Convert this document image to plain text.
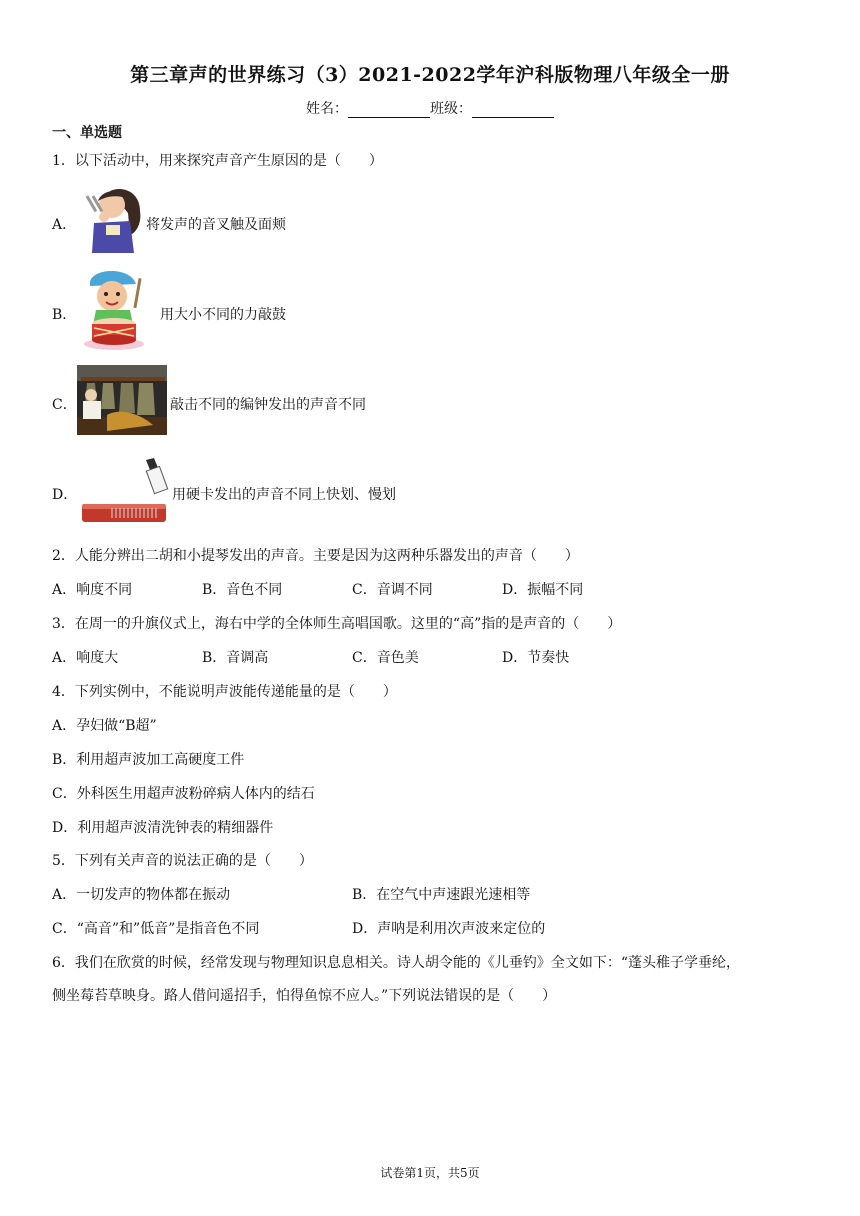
第三章声的世界练习（3）2021-2022学年沪科版物理八年级全一册
姓名：	班级：
一、单选题
1．以下活动中，用来探究声音产生原因的是（　　）
A．	将发声的音叉触及面颊
B．	用大小不同的力敲鼓
C．	敲击不同的编钟发出的声音不同
D．	用硬卡发出的声音不同上快划、慢划
2．人能分辨出二胡和小提琴发出的声音。主要是因为这两种乐器发出的声音（　　）
A．响度不同	B．音色不同	C．音调不同	D．振幅不同
3．在周一的升旗仪式上，海右中学的全体师生高唱国歌。这里的“高”指的是声音的（　　）
A．响度大	B．音调高	C．音色美	D．节奏快
4．下列实例中，不能说明声波能传递能量的是（　　）
A．孕妇做“B超”
B．利用超声波加工高硬度工件
C．外科医生用超声波粉碎病人体内的结石
D．利用超声波清洗钟表的精细器件
5．下列有关声音的说法正确的是（　　）
A．一切发声的物体都在振动	B．在空气中声速跟光速相等
C．“高音”和”低音”是指音色不同	D．声呐是利用次声波来定位的
6．我们在欣赏的时候，经常发现与物理知识息息相关。诗人胡令能的《儿垂钓》全文如下：“蓬头稚子学垂纶，
侧坐莓苔草映身。路人借问遥招手，怕得鱼惊不应人。”下列说法错误的是（　　）
试卷第1页，共5页
